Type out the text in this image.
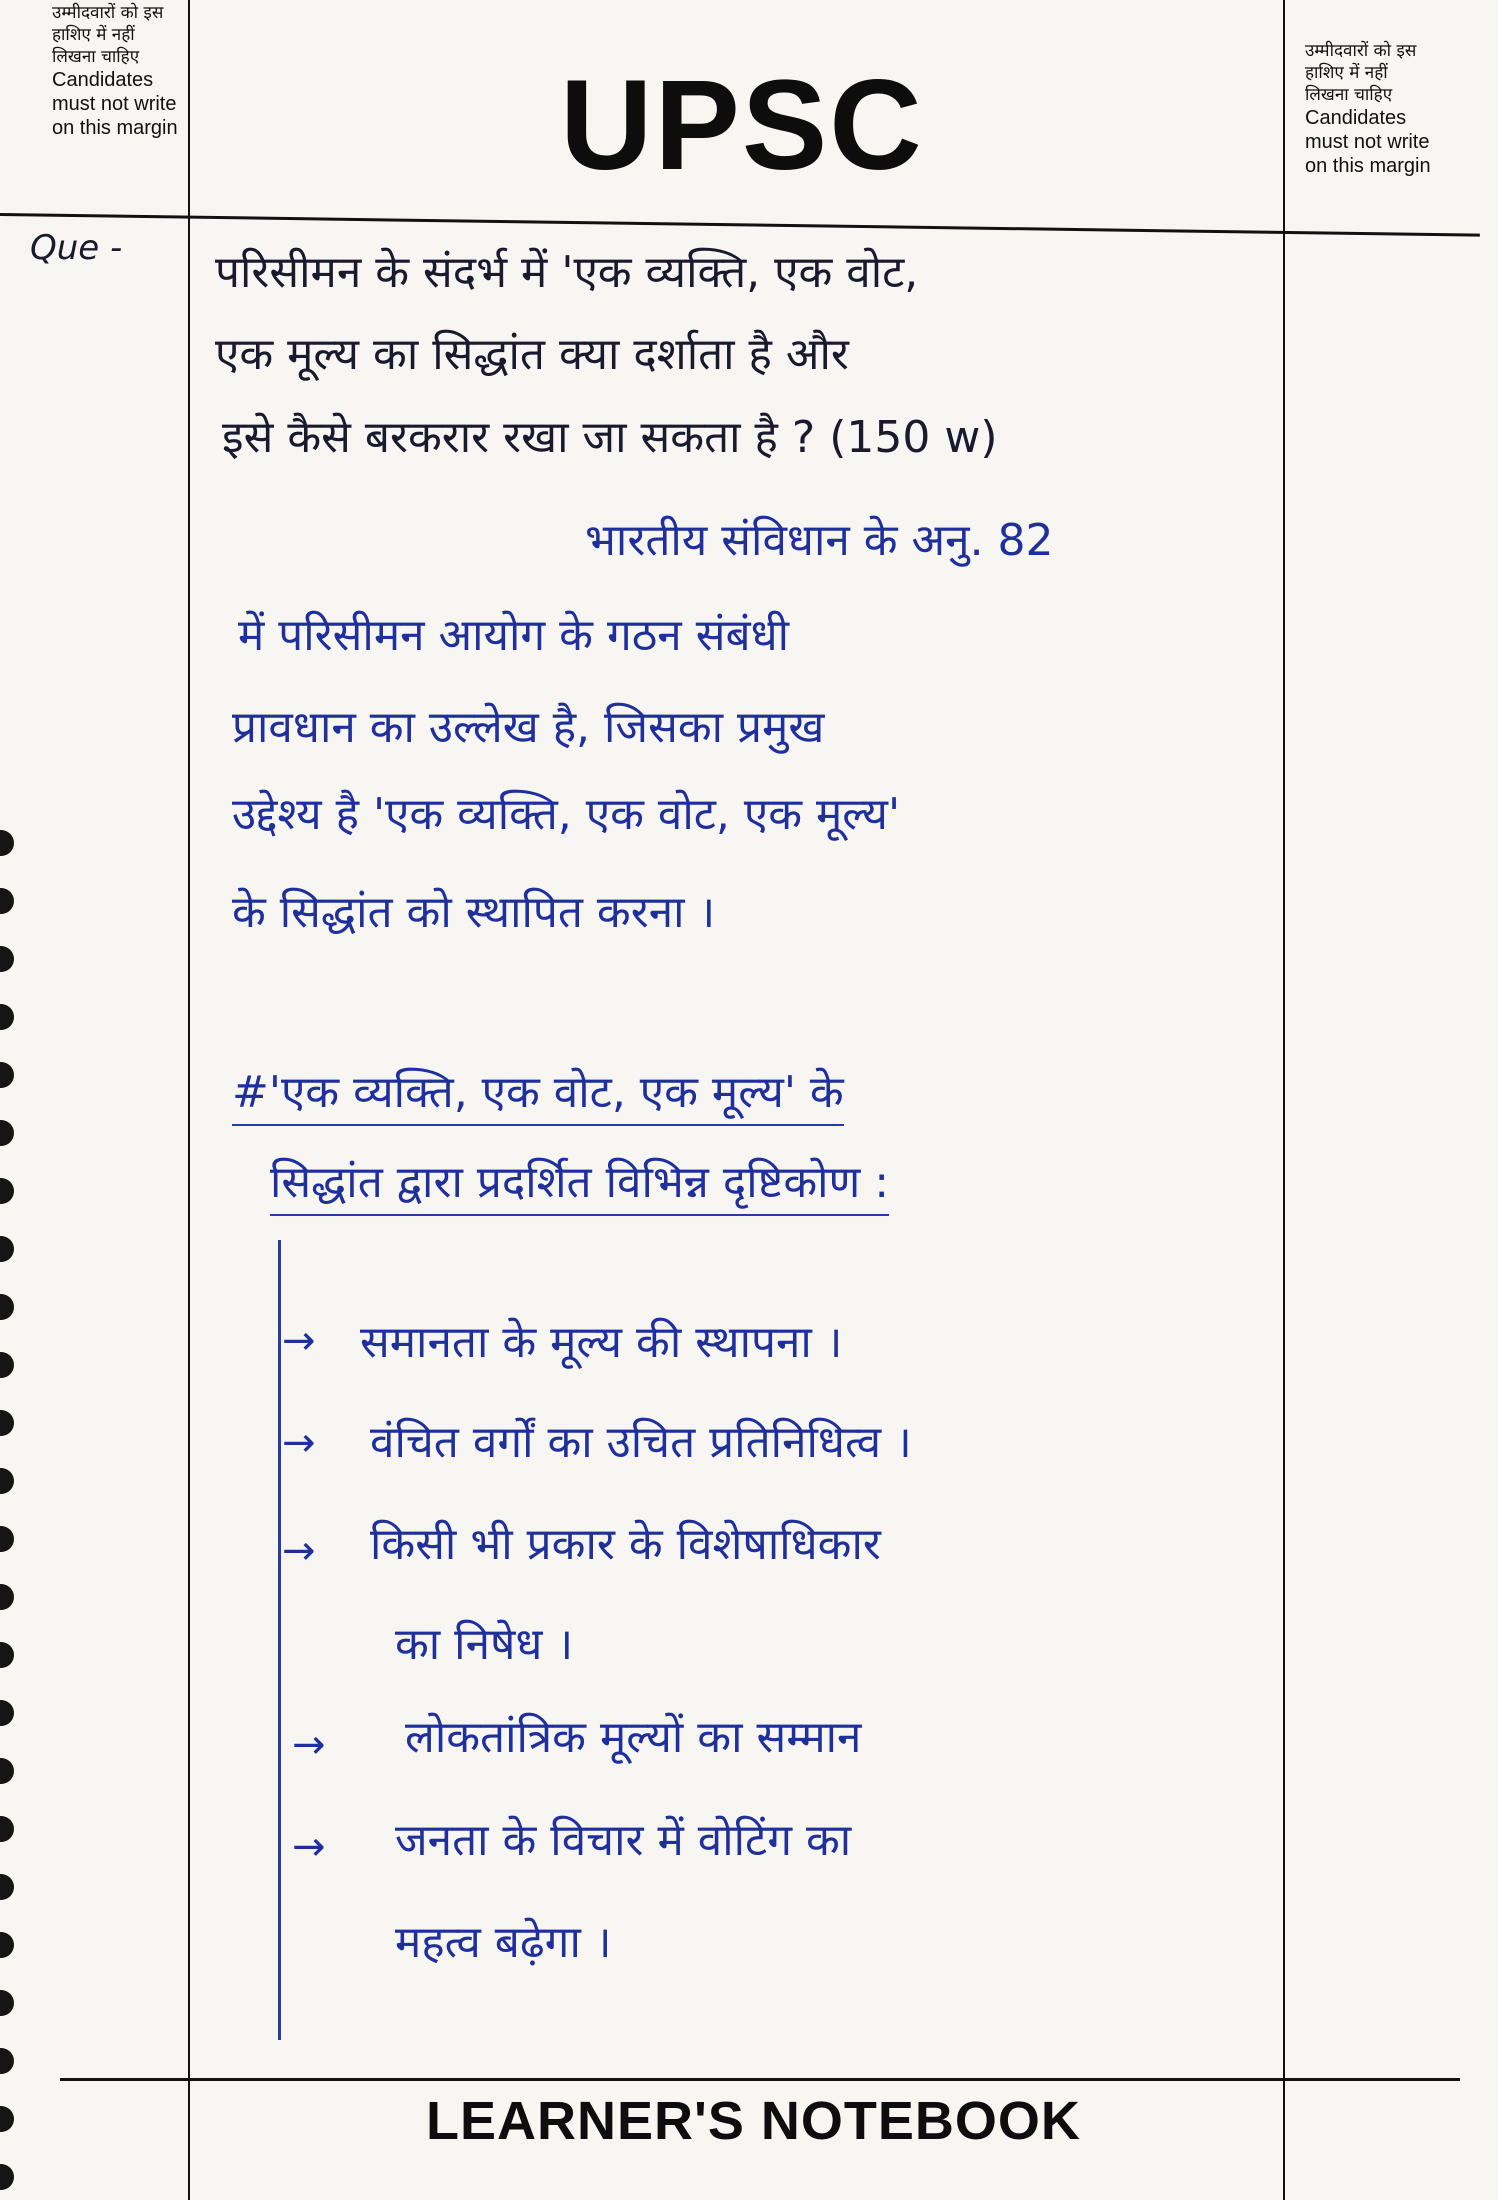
उम्मीदवारों को इस हाशिए में नहीं लिखना चाहिए
Candidates must not write on this margin
उम्मीदवारों को इस हाशिए में नहीं लिखना चाहिए
Candidates must not write on this margin
UPSC
Que - परिसीमन के संदर्भ में 'एक व्यक्ति, एक वोट,
एक मूल्य का सिद्धांत क्या दर्शाता है और
इसे कैसे बरकरार रखा जा सकता है ? (150 w)
भारतीय संविधान के अनु. 82
में परिसीमन आयोग के गठन संबंधी
प्रावधान का उल्लेख है, जिसका प्रमुख
उद्देश्य है 'एक व्यक्ति, एक वोट, एक मूल्य'
के सिद्धांत को स्थापित करना ।
#'एक व्यक्ति, एक वोट, एक मूल्य' के
सिद्धांत द्वारा प्रदर्शित विभिन्न दृष्टिकोण :
→ समानता के मूल्य की स्थापना ।
→ वंचित वर्गों का उचित प्रतिनिधित्व ।
→ किसी भी प्रकार के विशेषाधिकार
का निषेध ।
→ लोकतांत्रिक मूल्यों का सम्मान
→ जनता के विचार में वोटिंग का
महत्व बढ़ेगा ।
LEARNER'S NOTEBOOK
